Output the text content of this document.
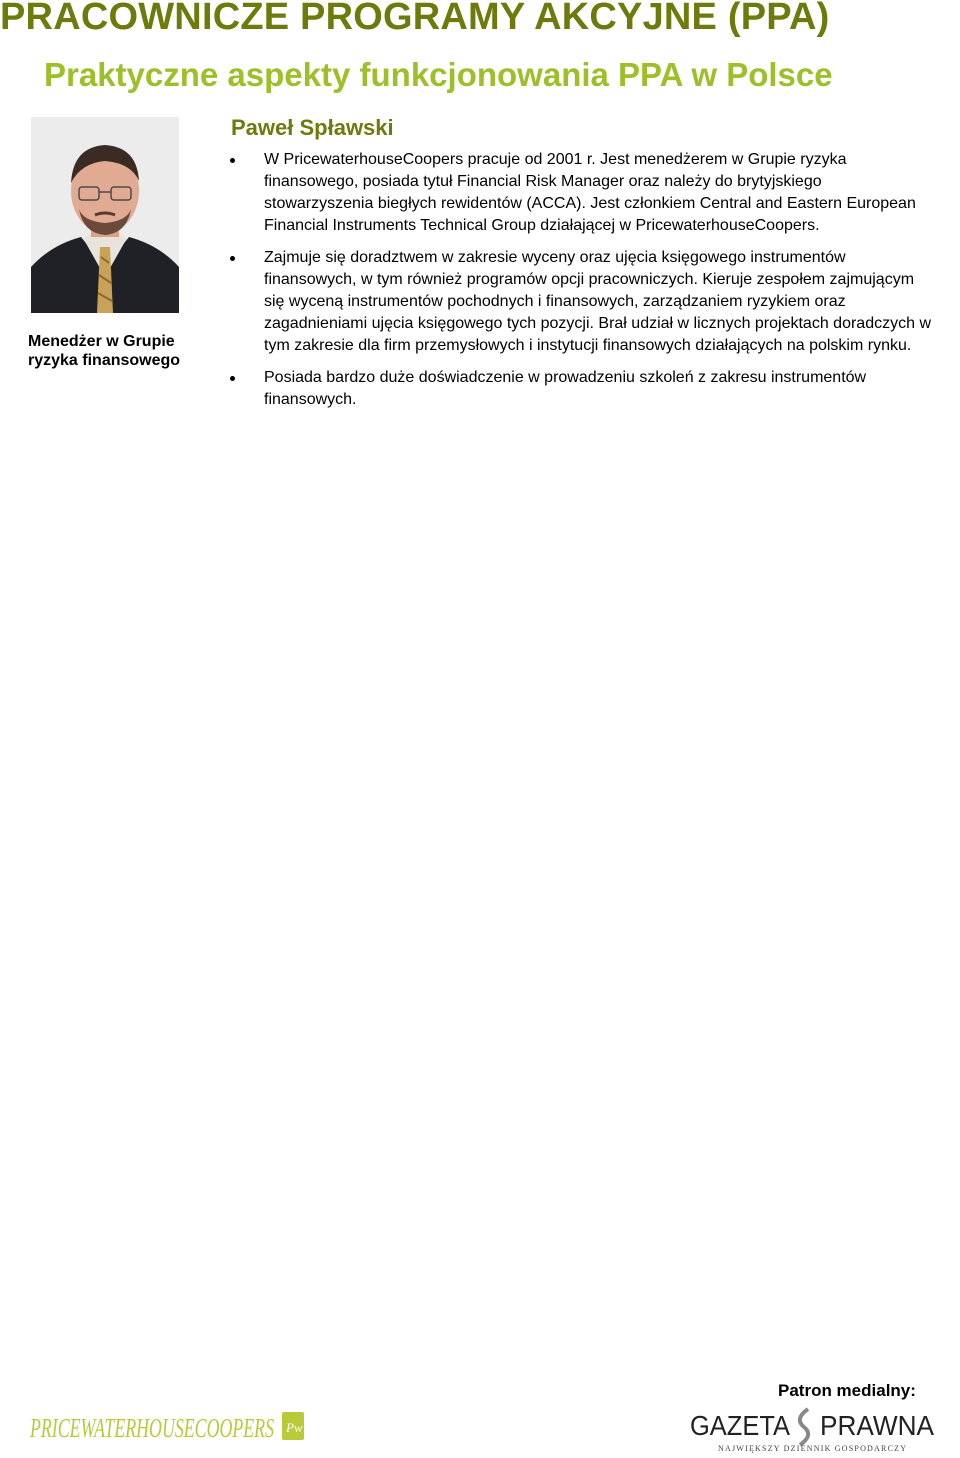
PRACOWNICZE PROGRAMY AKCYJNE (PPA)
Praktyczne aspekty funkcjonowania PPA w Polsce
Menedżer w Grupie ryzyka finansowego
Paweł Spławski
W PricewaterhouseCoopers pracuje od 2001 r. Jest menedżerem w Grupie ryzyka finansowego, posiada tytuł Financial Risk Manager oraz należy do brytyjskiego stowarzyszenia biegłych rewidentów (ACCA). Jest członkiem Central and Eastern European Financial Instruments Technical Group działającej w PricewaterhouseCoopers.
Zajmuje się doradztwem w zakresie wyceny oraz ujęcia księgowego instrumentów finansowych, w tym również programów opcji pracowniczych. Kieruje zespołem zajmującym się wyceną instrumentów pochodnych i finansowych, zarządzaniem ryzykiem oraz zagadnieniami ujęcia księgowego tych pozycji. Brał udział w licznych projektach doradczych w tym zakresie dla firm przemysłowych i instytucji finansowych działających na polskim rynku.
Posiada bardzo duże doświadczenie w prowadzeniu szkoleń z zakresu instrumentów finansowych.
Patron medialny:
PRICEWATERHOUSECOOPERS Pw	GAZETA PRAWNA
NAJWIĘKSZY DZIENNIK GOSPODARCZY
